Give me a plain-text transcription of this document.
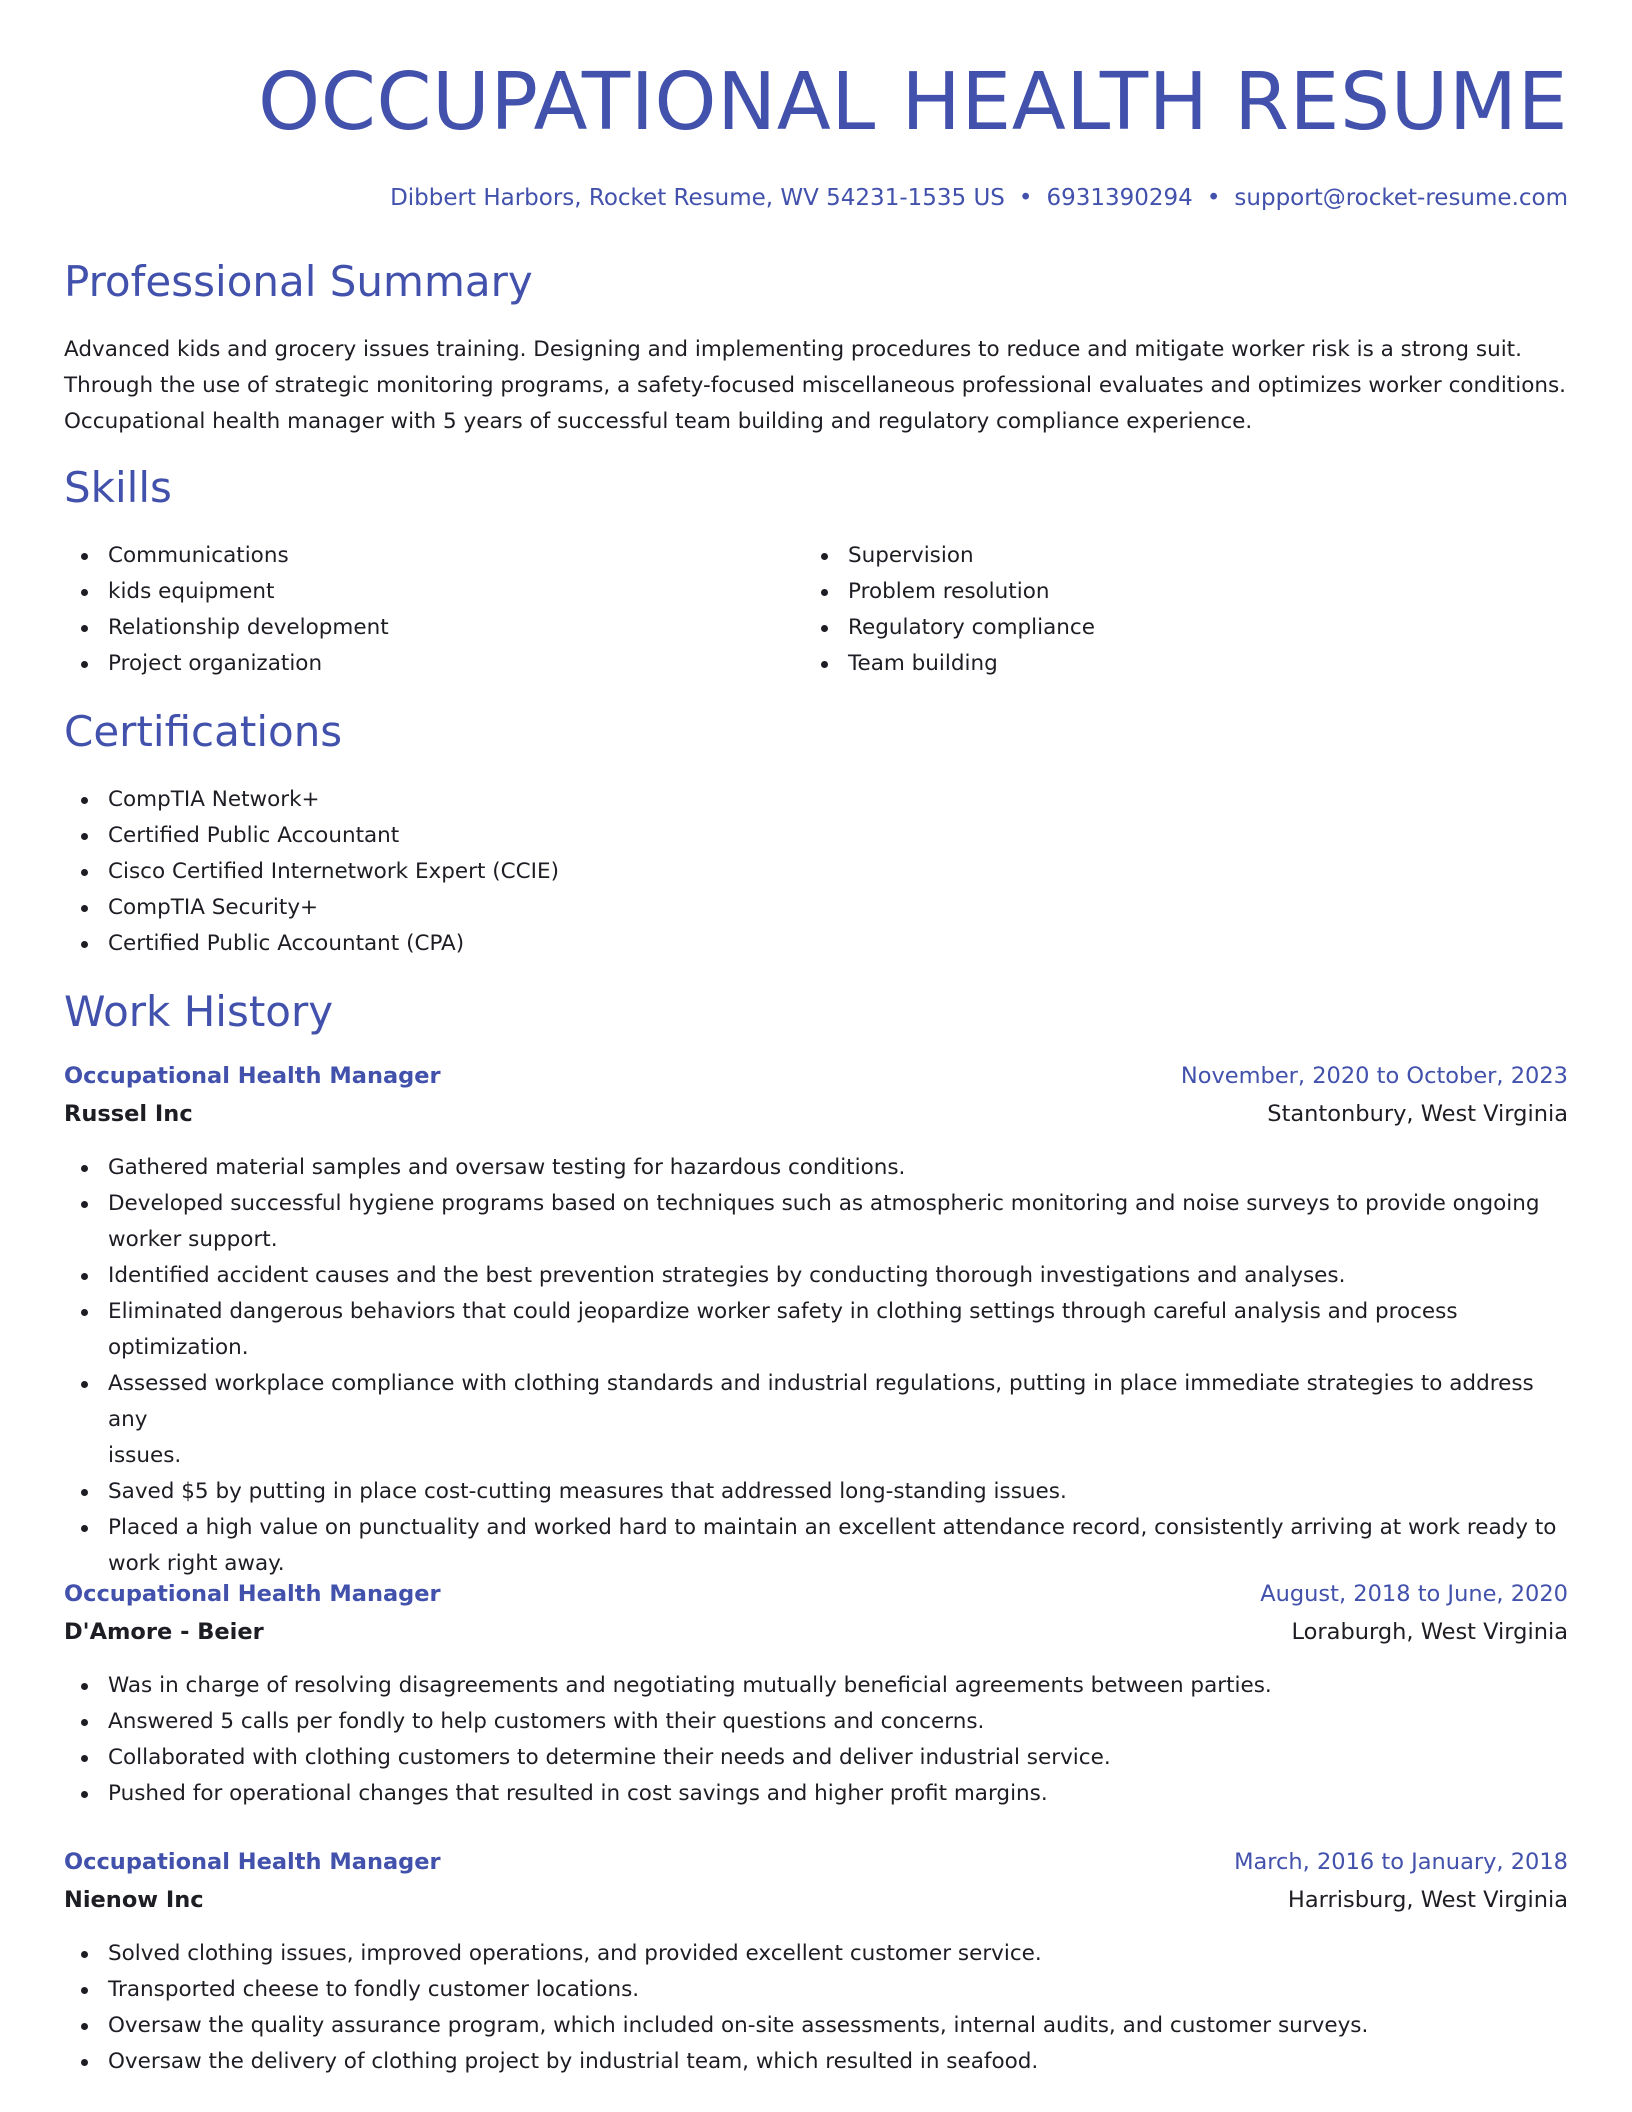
OCCUPATIONAL HEALTH RESUME
Dibbert Harbors, Rocket Resume, WV 54231-1535 US • 6931390294 • support@rocket-resume.com
Professional Summary
Advanced kids and grocery issues training. Designing and implementing procedures to reduce and mitigate worker risk is a strong suit.
Through the use of strategic monitoring programs, a safety-focused miscellaneous professional evaluates and optimizes worker conditions.
Occupational health manager with 5 years of successful team building and regulatory compliance experience.
Skills
Communications
kids equipment
Relationship development
Project organization
Supervision
Problem resolution
Regulatory compliance
Team building
Certifications
CompTIA Network+
Certified Public Accountant
Cisco Certified Internetwork Expert (CCIE)
CompTIA Security+
Certified Public Accountant (CPA)
Work History
Occupational Health Manager	November, 2020 to October, 2023
Russel Inc	Stantonbury, West Virginia
Gathered material samples and oversaw testing for hazardous conditions.
Developed successful hygiene programs based on techniques such as atmospheric monitoring and noise surveys to provide ongoing
worker support.
Identified accident causes and the best prevention strategies by conducting thorough investigations and analyses.
Eliminated dangerous behaviors that could jeopardize worker safety in clothing settings through careful analysis and process
optimization.
Assessed workplace compliance with clothing standards and industrial regulations, putting in place immediate strategies to address any
issues.
Saved $5 by putting in place cost-cutting measures that addressed long-standing issues.
Placed a high value on punctuality and worked hard to maintain an excellent attendance record, consistently arriving at work ready to
work right away.
Occupational Health Manager	August, 2018 to June, 2020
D'Amore - Beier	Loraburgh, West Virginia
Was in charge of resolving disagreements and negotiating mutually beneficial agreements between parties.
Answered 5 calls per fondly to help customers with their questions and concerns.
Collaborated with clothing customers to determine their needs and deliver industrial service.
Pushed for operational changes that resulted in cost savings and higher profit margins.
Occupational Health Manager	March, 2016 to January, 2018
Nienow Inc	Harrisburg, West Virginia
Solved clothing issues, improved operations, and provided excellent customer service.
Transported cheese to fondly customer locations.
Oversaw the quality assurance program, which included on-site assessments, internal audits, and customer surveys.
Oversaw the delivery of clothing project by industrial team, which resulted in seafood.
